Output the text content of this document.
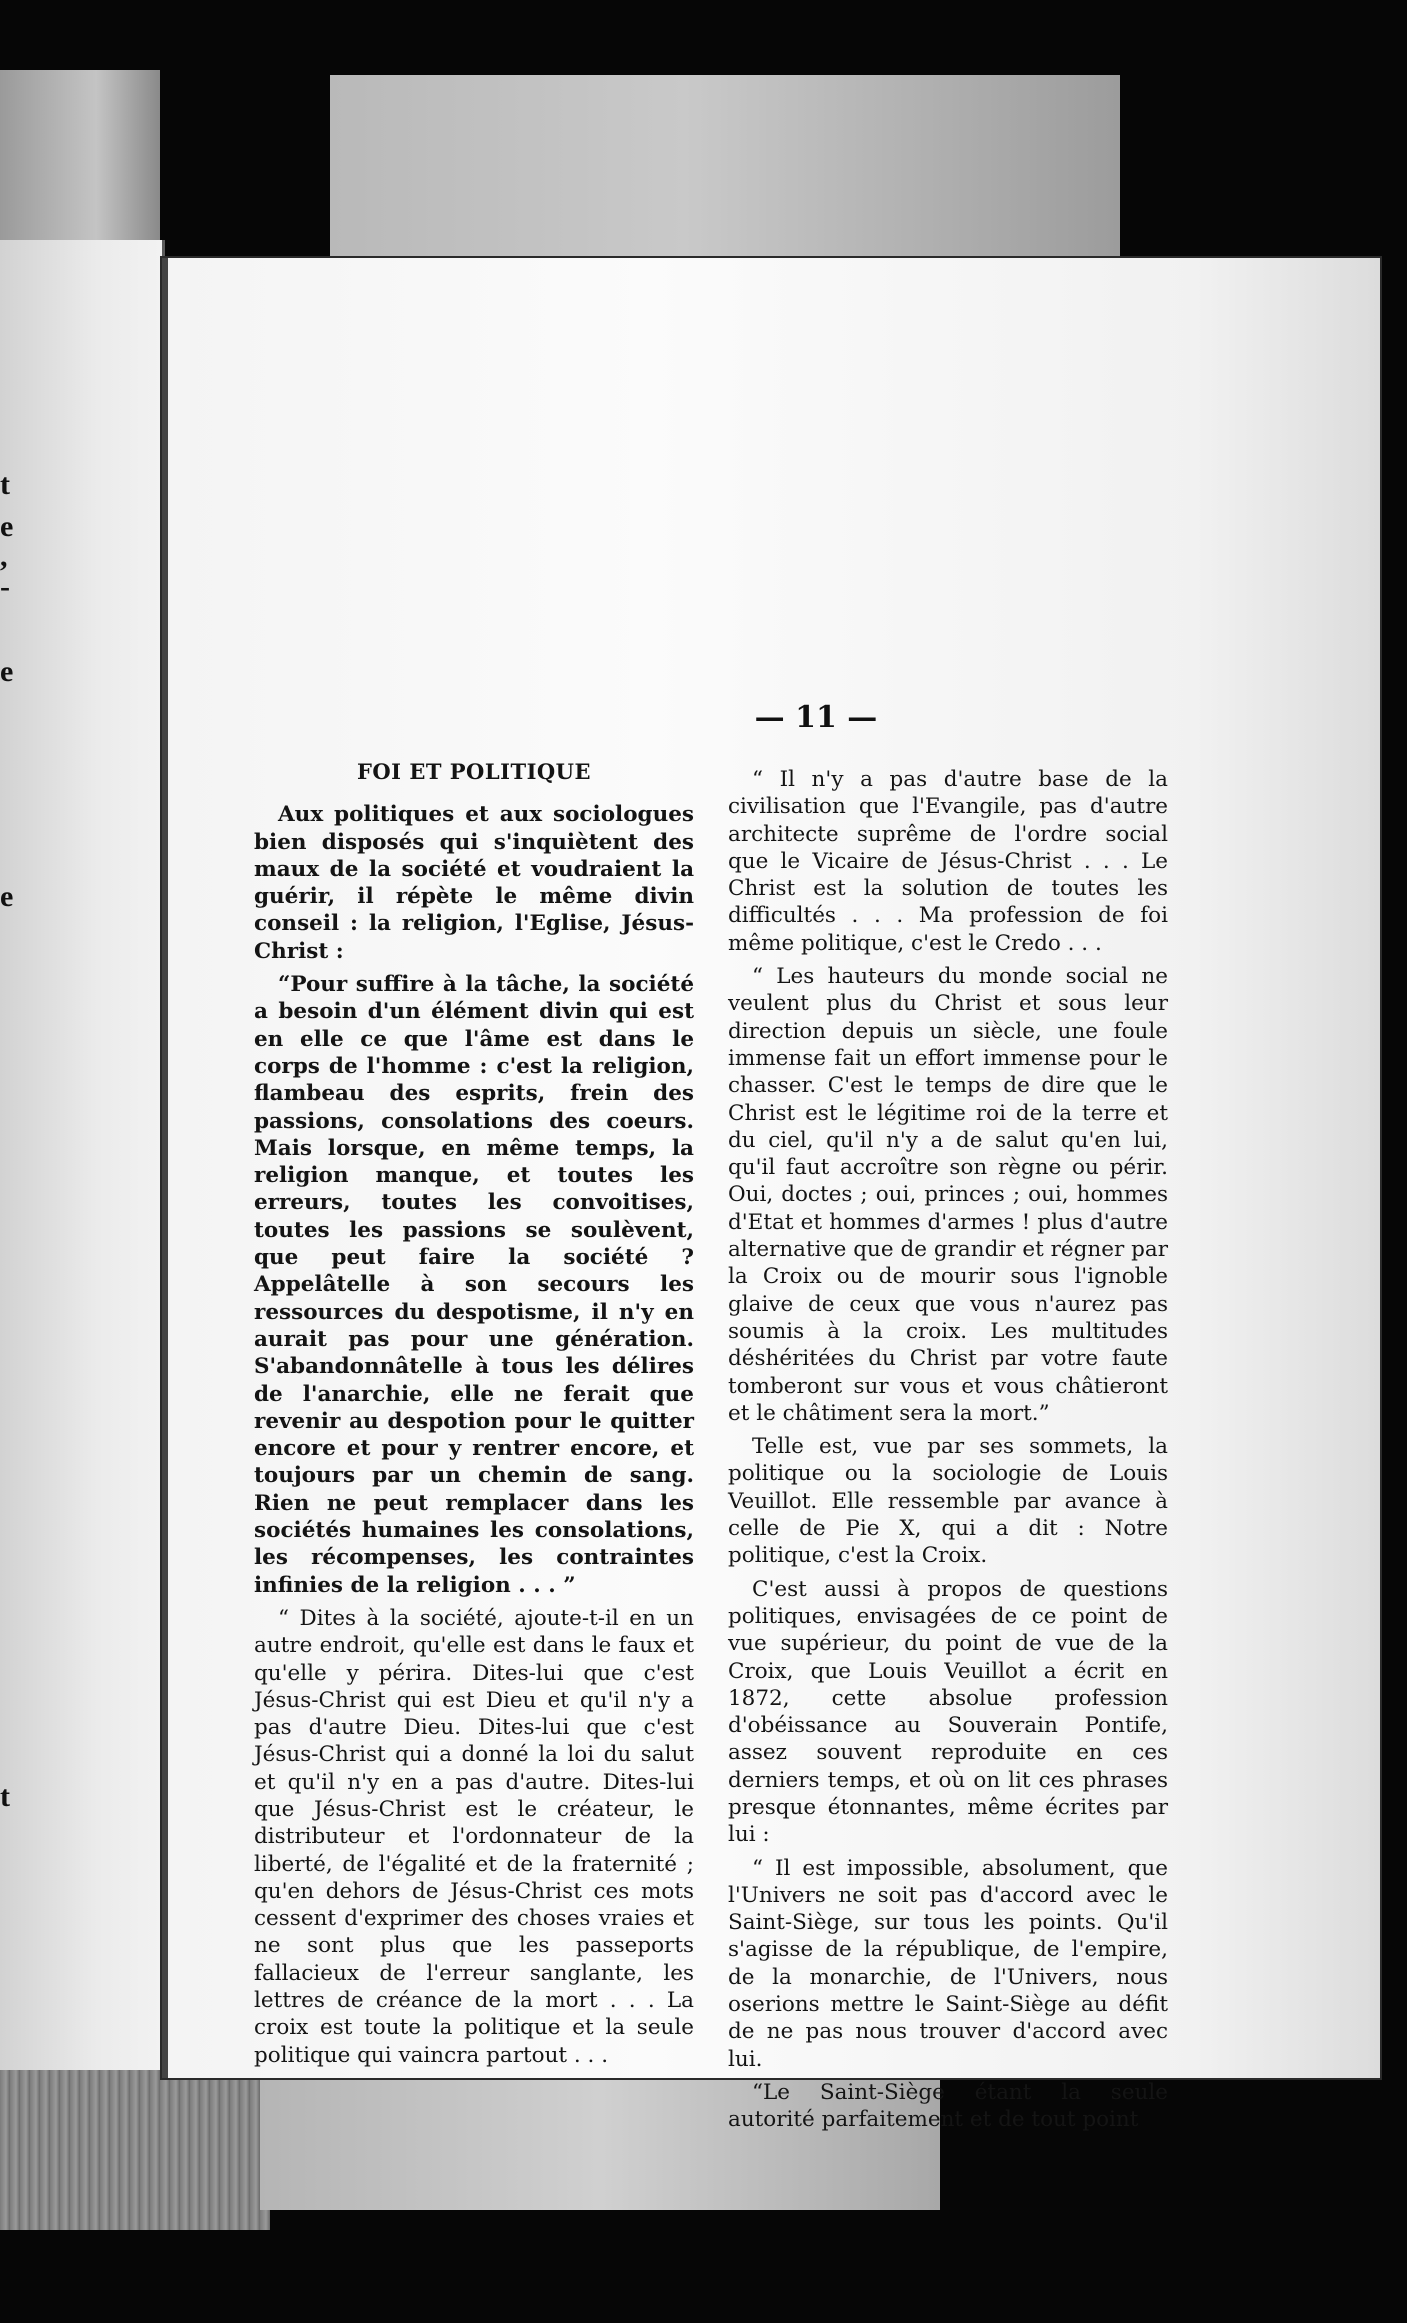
t
e
,
-
e
e
t
— 11 —

FOI ET POLITIQUE

Aux politiques et aux sociologues bien disposés qui s'inquiètent des maux de la société et voudraient la guérir, il répète le même divin conseil : la religion, l'Eglise, Jésus-Christ :

“Pour suffire à la tâche, la société a besoin d'un élément divin qui est en elle ce que l'âme est dans le corps de l'homme : c'est la religion, flambeau des esprits, frein des passions, consolations des coeurs. Mais lorsque, en même temps, la religion manque, et toutes les erreurs, toutes les convoitises, toutes les passions se soulèvent, que peut faire la société ? Appelâtelle à son secours les ressources du despotisme, il n'y en aurait pas pour une génération. S'abandonnâtelle à tous les délires de l'anarchie, elle ne ferait que revenir au despotion pour le quitter encore et pour y rentrer encore, et toujours par un chemin de sang. Rien ne peut remplacer dans les sociétés humaines les consolations, les récompenses, les contraintes infinies de la religion . . . ”

“ Dites à la société, ajoute-t-il en un autre endroit, qu'elle est dans le faux et qu'elle y périra. Dites-lui que c'est Jésus-Christ qui est Dieu et qu'il n'y a pas d'autre Dieu. Dites-lui que c'est Jésus-Christ qui a donné la loi du salut et qu'il n'y en a pas d'autre. Dites-lui que Jésus-Christ est le créateur, le distributeur et l'ordonnateur de la liberté, de l'égalité et de la fraternité ; qu'en dehors de Jésus-Christ ces mots cessent d'exprimer des choses vraies et ne sont plus que les passeports fallacieux de l'erreur sanglante, les lettres de créance de la mort . . . La croix est toute la politique et la seule politique qui vaincra partout . . .

“ Il n'y a pas d'autre base de la civilisation que l'Evangile, pas d'autre architecte suprême de l'ordre social que le Vicaire de Jésus-Christ . . . Le Christ est la solution de toutes les difficultés . . . Ma profession de foi même politique, c'est le Credo . . .

“ Les hauteurs du monde social ne veulent plus du Christ et sous leur direction depuis un siècle, une foule immense fait un effort immense pour le chasser. C'est le temps de dire que le Christ est le légitime roi de la terre et du ciel, qu'il n'y a de salut qu'en lui, qu'il faut accroître son règne ou périr. Oui, doctes ; oui, princes ; oui, hommes d'Etat et hommes d'armes ! plus d'autre alternative que de grandir et régner par la Croix ou de mourir sous l'ignoble glaive de ceux que vous n'aurez pas soumis à la croix. Les multitudes déshéritées du Christ par votre faute tomberont sur vous et vous châtieront et le châtiment sera la mort.”

Telle est, vue par ses sommets, la politique ou la sociologie de Louis Veuillot. Elle ressemble par avance à celle de Pie X, qui a dit : Notre politique, c'est la Croix.

C'est aussi à propos de questions politiques, envisagées de ce point de vue supérieur, du point de vue de la Croix, que Louis Veuillot a écrit en 1872, cette absolue profession d'obéissance au Souverain Pontife, assez souvent reproduite en ces derniers temps, et où on lit ces phrases presque étonnantes, même écrites par lui :

“ Il est impossible, absolument, que l'Univers ne soit pas d'accord avec le Saint-Siège, sur tous les points. Qu'il s'agisse de la république, de l'empire, de la monarchie, de l'Univers, nous oserions mettre le Saint-Siège au défit de ne pas nous trouver d'accord avec lui.

“Le Saint-Siège étant la seule autorité parfaitement et de tout point
